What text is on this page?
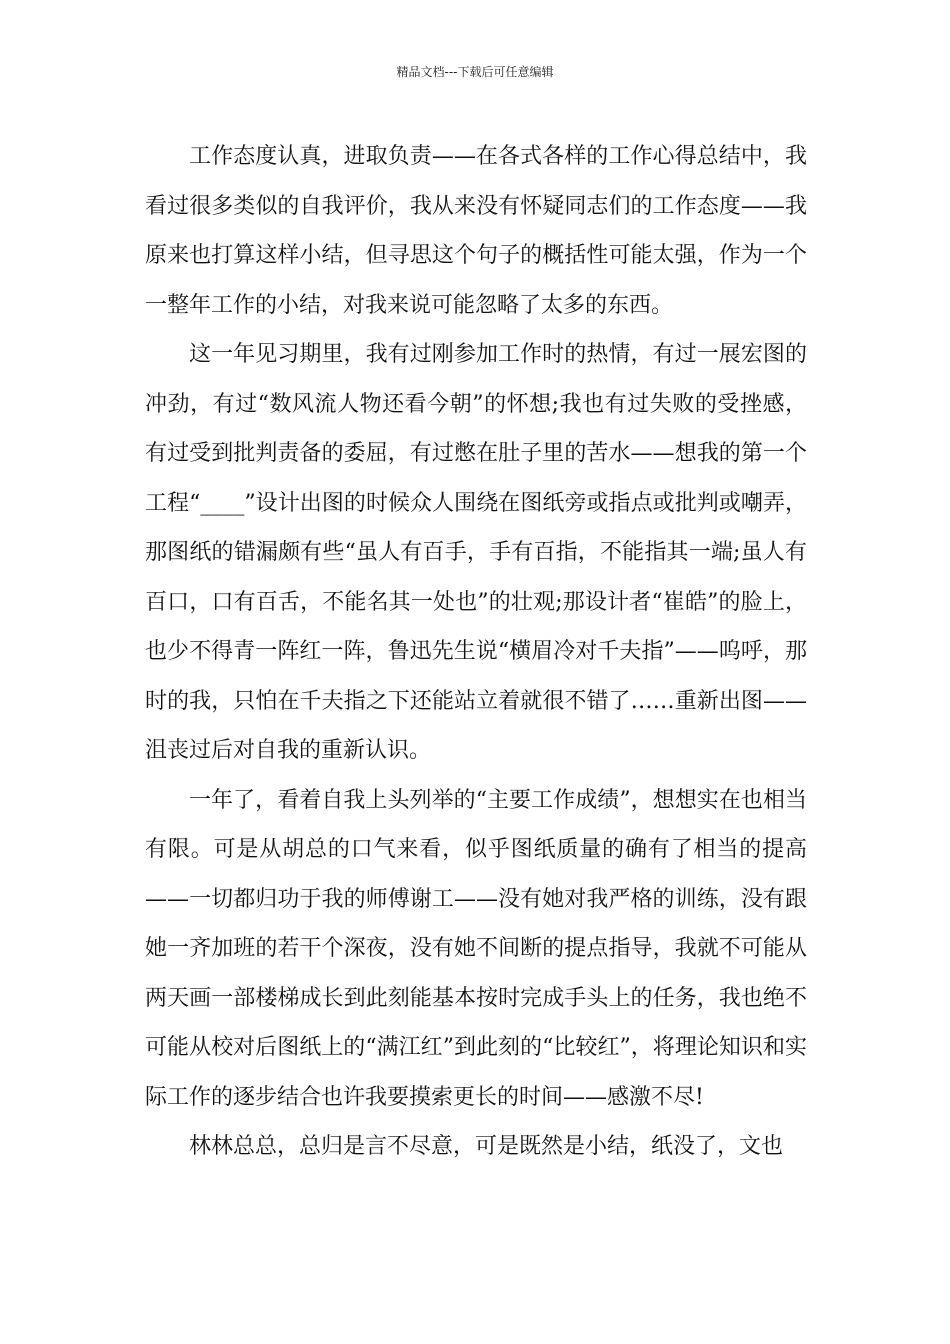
精品文档---下载后可任意编辑

工作态度认真，进取负责——在各式各样的工作心得总结中，我看过很多类似的自我评价，我从来没有怀疑同志们的工作态度——我原来也打算这样小结，但寻思这个句子的概括性可能太强，作为一个一整年工作的小结，对我来说可能忽略了太多的东西。

这一年见习期里，我有过刚参加工作时的热情，有过一展宏图的冲劲，有过“数风流人物还看今朝”的怀想;我也有过失败的受挫感，有过受到批判责备的委屈，有过憋在肚子里的苦水——想我的第一个工程“____”设计出图的时候众人围绕在图纸旁或指点或批判或嘲弄，那图纸的错漏颇有些“虽人有百手，手有百指，不能指其一端;虽人有百口，口有百舌，不能名其一处也”的壮观;那设计者“崔皓”的脸上，也少不得青一阵红一阵，鲁迅先生说“横眉冷对千夫指”——呜呼，那时的我，只怕在千夫指之下还能站立着就很不错了……重新出图——沮丧过后对自我的重新认识。

一年了，看着自我上头列举的“主要工作成绩”，想想实在也相当有限。可是从胡总的口气来看，似乎图纸质量的确有了相当的提高——一切都归功于我的师傅谢工——没有她对我严格的训练，没有跟她一齐加班的若干个深夜，没有她不间断的提点指导，我就不可能从两天画一部楼梯成长到此刻能基本按时完成手头上的任务，我也绝不可能从校对后图纸上的“满江红”到此刻的“比较红”，将理论知识和实际工作的逐步结合也许我要摸索更长的时间——感激不尽!

林林总总，总归是言不尽意，可是既然是小结，纸没了，文也
